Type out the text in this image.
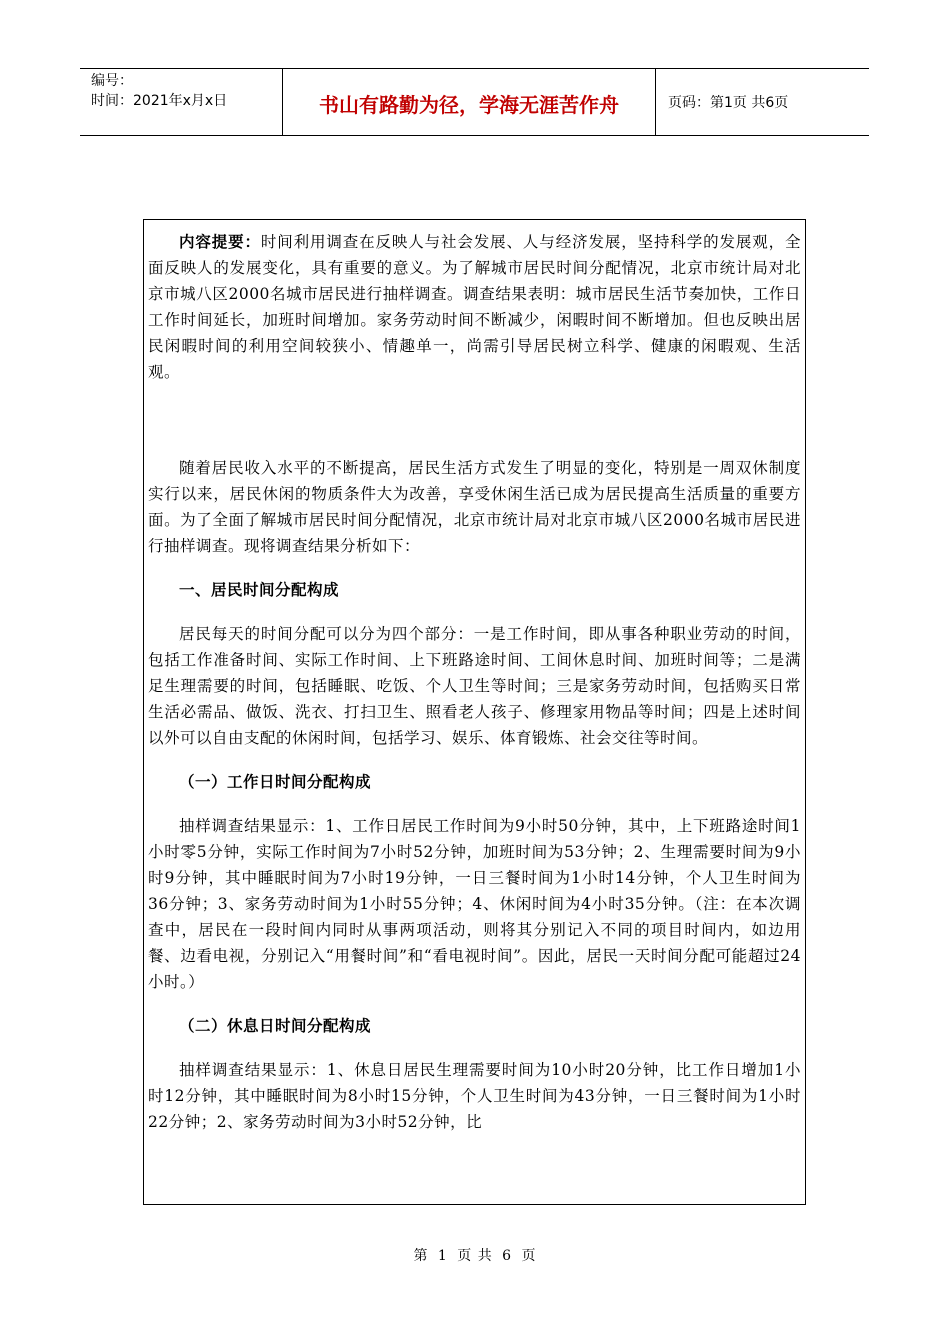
编号：
时间：2021年x月x日	书山有路勤为径，学海无涯苦作舟	页码：第1页 共6页

内容提要：时间利用调查在反映人与社会发展、人与经济发展，坚持科学的发展观，全面反映人的发展变化，具有重要的意义。为了解城市居民时间分配情况，北京市统计局对北京市城八区2000名城市居民进行抽样调查。调查结果表明：城市居民生活节奏加快，工作日工作时间延长，加班时间增加。家务劳动时间不断减少，闲暇时间不断增加。但也反映出居民闲暇时间的利用空间较狭小、情趣单一，尚需引导居民树立科学、健康的闲暇观、生活观。

随着居民收入水平的不断提高，居民生活方式发生了明显的变化，特别是一周双休制度实行以来，居民休闲的物质条件大为改善，享受休闲生活已成为居民提高生活质量的重要方面。为了全面了解城市居民时间分配情况，北京市统计局对北京市城八区2000名城市居民进行抽样调查。现将调查结果分析如下：

一、居民时间分配构成

居民每天的时间分配可以分为四个部分：一是工作时间，即从事各种职业劳动的时间，包括工作准备时间、实际工作时间、上下班路途时间、工间休息时间、加班时间等；二是满足生理需要的时间，包括睡眠、吃饭、个人卫生等时间；三是家务劳动时间，包括购买日常生活必需品、做饭、洗衣、打扫卫生、照看老人孩子、修理家用物品等时间；四是上述时间以外可以自由支配的休闲时间，包括学习、娱乐、体育锻炼、社会交往等时间。

（一）工作日时间分配构成

抽样调查结果显示：1、工作日居民工作时间为9小时50分钟，其中，上下班路途时间1小时零5分钟，实际工作时间为7小时52分钟，加班时间为53分钟；2、生理需要时间为9小时9分钟，其中睡眠时间为7小时19分钟，一日三餐时间为1小时14分钟，个人卫生时间为36分钟；3、家务劳动时间为1小时55分钟；4、休闲时间为4小时35分钟。（注：在本次调查中，居民在一段时间内同时从事两项活动，则将其分别记入不同的项目时间内，如边用餐、边看电视，分别记入“用餐时间”和“看电视时间”。因此，居民一天时间分配可能超过24小时。）

（二）休息日时间分配构成

抽样调查结果显示：1、休息日居民生理需要时间为10小时20分钟，比工作日增加1小时12分钟，其中睡眠时间为8小时15分钟，个人卫生时间为43分钟，一日三餐时间为1小时22分钟；2、家务劳动时间为3小时52分钟，比

第 1 页 共 6 页
